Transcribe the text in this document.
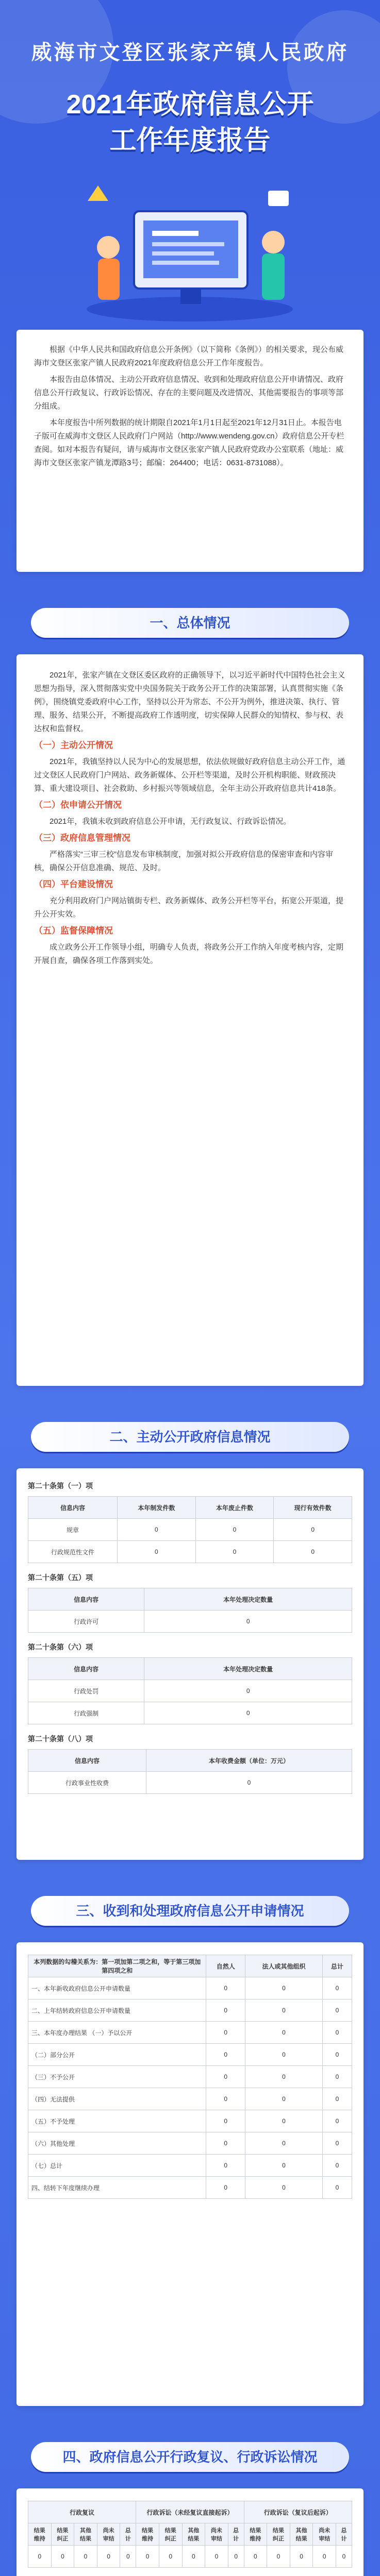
威海市文登区张家产镇人民政府
2021年政府信息公开
工作年度报告

根据《中华人民共和国政府信息公开条例》（以下简称《条例》）的相关要求，现公布威海市文登区张家产镇人民政府2021年度政府信息公开工作年度报告。

本报告由总体情况、主动公开政府信息情况、收到和处理政府信息公开申请情况、政府信息公开行政复议、行政诉讼情况、存在的主要问题及改进情况、其他需要报告的事项等部分组成。

本年度报告中所列数据的统计期限自2021年1月1日起至2021年12月31日止。本报告电子版可在威海市文登区人民政府门户网站（http://www.wendeng.gov.cn）政府信息公开专栏查阅。如对本报告有疑问，请与威海市文登区张家产镇人民政府党政办公室联系（地址：威海市文登区张家产镇龙潭路3号；邮编：264400；电话：0631-8731088）。

一、总体情况

2021年，张家产镇在文登区委区政府的正确领导下，以习近平新时代中国特色社会主义思想为指导，深入贯彻落实党中央国务院关于政务公开工作的决策部署，认真贯彻实施《条例》，围绕镇党委政府中心工作，坚持以公开为常态、不公开为例外，推进决策、执行、管理、服务、结果公开，不断提高政府工作透明度，切实保障人民群众的知情权、参与权、表达权和监督权。

（一）主动公开情况

2021年，我镇坚持以人民为中心的发展思想，依法依规做好政府信息主动公开工作，通过文登区人民政府门户网站、政务新媒体、公开栏等渠道，及时公开机构职能、财政预决算、重大建设项目、社会救助、乡村振兴等领域信息，全年主动公开政府信息共计418条。

（二）依申请公开情况

2021年，我镇未收到政府信息公开申请，无行政复议、行政诉讼情况。

（三）政府信息管理情况

严格落实“三审三校”信息发布审核制度，加强对拟公开政府信息的保密审查和内容审核，确保公开信息准确、规范、及时。

（四）平台建设情况

充分利用政府门户网站镇街专栏、政务新媒体、政务公开栏等平台，拓宽公开渠道，提升公开实效。

（五）监督保障情况

成立政务公开工作领导小组，明确专人负责，将政务公开工作纳入年度考核内容，定期开展自查，确保各项工作落到实处。

二、主动公开政府信息情况
第二十条第（一）项
信息内容	本年制发件数	本年废止件数	现行有效件数
规章	0	0	0
行政规范性文件	0	0	0
第二十条第（五）项
信息内容	本年处理决定数量
行政许可	0
第二十条第（六）项
信息内容	本年处理决定数量
行政处罚	0
行政强制	0
第二十条第（八）项
信息内容	本年收费金额（单位：万元）
行政事业性收费	0
三、收到和处理政府信息公开申请情况
本列数据的勾稽关系为：第一项加第二项之和，等于第三项加第四项之和	自然人	法人或其他组织	总计
一、本年新收政府信息公开申请数量	0	0	0
二、上年结转政府信息公开申请数量	0	0	0
三、本年度办理结果 （一）予以公开	0	0	0
（二）部分公开	0	0	0
（三）不予公开	0	0	0
（四）无法提供	0	0	0
（五）不予处理	0	0	0
（六）其他处理	0	0	0
（七）总计	0	0	0
四、结转下年度继续办理	0	0	0
四、政府信息公开行政复议、行政诉讼情况
行政复议					行政诉讼（未经复议直接起诉）					行政诉讼（复议后起诉）				
结果维持	结果纠正	其他结果	尚未审结	总计	结果维持	结果纠正	其他结果	尚未审结	总计	结果维持	结果纠正	其他结果	尚未审结	总计
0	0	0	0	0	0	0	0	0	0	0	0	0	0	0
